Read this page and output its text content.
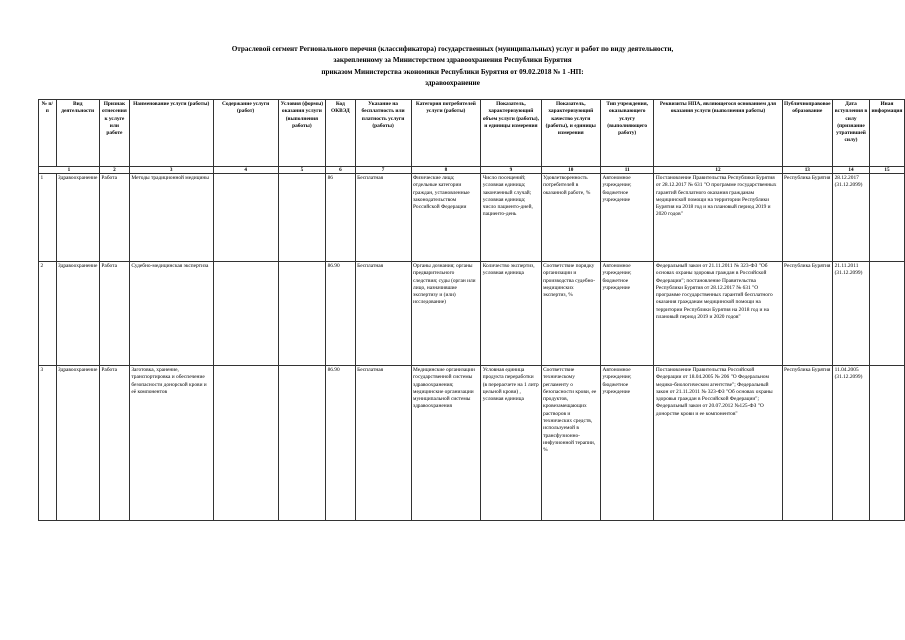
Отраслевой сегмент Регионального перечня (классификатора) государственных (муниципальных) услуг и работ по виду деятельности,
закрепленному за Министерством здравоохранения Республики Бурятия
приказом Министерства экономики Республики Бурятия от 09.02.2018 № 1 -НП:
здравоохранение
№ п/п	Вид деятельности	Признак отнесения к услуге или работе	Наименование услуги (работы)	Содержание услуги (работ)	Условия (формы) оказания услуги (выполнения работы)	Код ОКВЭД	Указание на бесплатность или платность услуги (работы)	Категория потребителей услуги (работы)	Показатель, характеризующий объем услуги (работы), и единицы измерения	Показатель, характеризующий качество услуги (работы), и единицы измерения	Тип учреждения, оказывающего услугу (выполняющего работу)	Реквизиты НПА, являющегося основанием для оказания услуги (выполнения работы)	Публичноправовое образование	Дата вступления в силу (признание утратившей силу)	Иная информация
1		2	3	4	5	6	7	8	9	10	11	12	13	14	15
1	Здравоохранение	Работа	Методы традиционной медицины			86	Бесплатная	Физические лица; отдельные категории граждан, установленные законодательством Российской Федерации	Число посещений; условная единица; законченный случай; условная единица; число пациенто-дней, пациенто-день	Удовлетворенность потребителей в оказанной работе, %	Автономное учреждение; бюджетное учреждение	Постановление Правительства Республики Бурятия от 28.12.2017 № 631 "О программе государственных гарантий бесплатного оказания гражданам медицинской помощи на территории Республики Бурятия на 2018 год и на плановый период 2019 и 2020 годов"	Республика Бурятия	28.12.2017 (31.12.2099)	
2	Здравоохранение	Работа	Судебно-медицинская экспертиза			86.90	Бесплатная	Органы дознания; органы предварительного следствия; суды (орган или лицо, назначившие экспертизу и (или) исследование)	Количество экспертиз, условная единица	Соответствие порядку организации и производства судебно-медицинских экспертиз, %	Автономное учреждение; бюджетное учреждение	Федеральный закон от 21.11.2011 № 323-ФЗ "Об основах охраны здоровья граждан в Российской Федерации"; постановление Правительства Республики Бурятия от 28.12.2017 № 631 "О программе государственных гарантий бесплатного оказания гражданам медицинской помощи на территории Республики Бурятия на 2018 год и на плановый период 2019 и 2020 годов"	Республика Бурятия	21.11.2011 (31.12.2099)	
3	Здравоохранение	Работа	Заготовка, хранение, транспортировка и обеспечение безопасности донорской крови и её компонентов			86.90	Бесплатная	Медицинские организации государственной системы здравоохранения; медицинские организации муниципальной системы здравоохранения	Условная единица продукта переработки (в перерасчете на 1 литр цельной крови) , условная единица	Соответствие техническому регламенту о безопасности крови, ее продуктов, кровезамещающих растворов и технических средств, используемой в трансфузионно-инфузионной терапии, %	Автономное учреждение; бюджетное учреждение	Постановление Правительства Российской Федерации от 18.04.2005 № 206 "О Федеральном медико-биологическом агентстве"; Федеральный закон от 21.11.2011 № 323-ФЗ "Об основах охраны здоровья граждан в Российской Федерации"; Федеральный закон от 20.07.2012 №125-ФЗ "О донорстве крови и ее компонентов"	Республика Бурятия	11.04.2005 (31.12.2099)	
